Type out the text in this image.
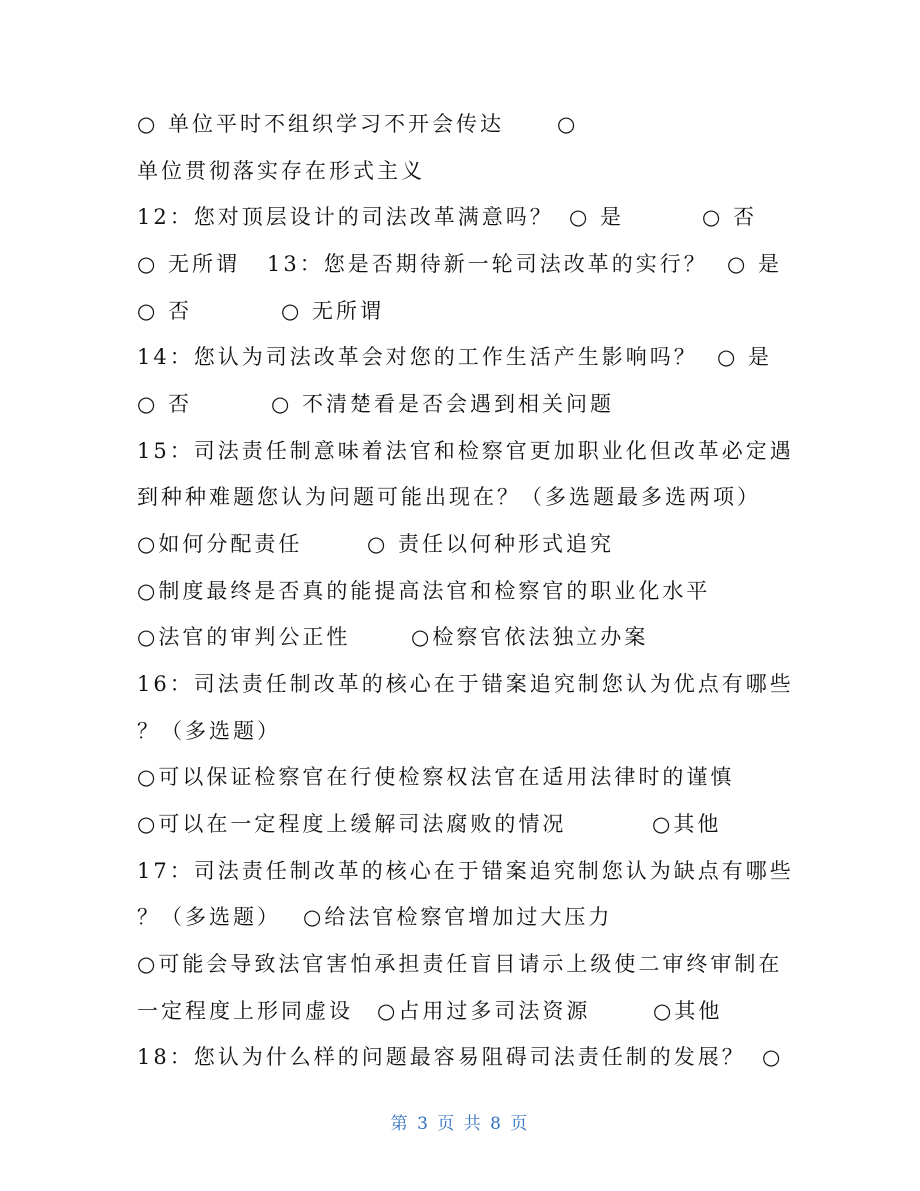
○ 单位平时不组织学习不开会传达	○
单位贯彻落实存在形式主义
12：您对顶层设计的司法改革满意吗？ ○ 是	○ 否
○ 无所谓 13：您是否期待新一轮司法改革的实行？ ○ 是
○ 否	○ 无所谓
14：您认为司法改革会对您的工作生活产生影响吗？ ○ 是
○ 否	○ 不清楚看是否会遇到相关问题
15：司法责任制意味着法官和检察官更加职业化但改革必定遇
到种种难题您认为问题可能出现在？（多选题最多选两项）
○如何分配责任	○ 责任以何种形式追究
○制度最终是否真的能提高法官和检察官的职业化水平
○法官的审判公正性	○检察官依法独立办案
16：司法责任制改革的核心在于错案追究制您认为优点有哪些
？（多选题）
○可以保证检察官在行使检察权法官在适用法律时的谨慎
○可以在一定程度上缓解司法腐败的情况	○其他
17：司法责任制改革的核心在于错案追究制您认为缺点有哪些
？（多选题） ○给法官检察官增加过大压力
○可能会导致法官害怕承担责任盲目请示上级使二审终审制在
一定程度上形同虚设 ○占用过多司法资源	○其他
18：您认为什么样的问题最容易阻碍司法责任制的发展？ ○
第 3 页 共 8 页
